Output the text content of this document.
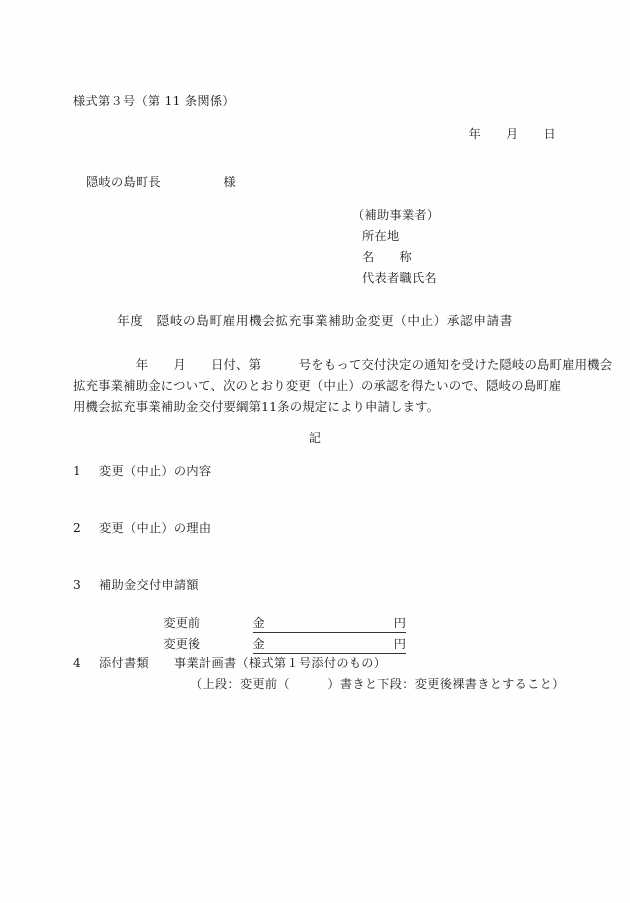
様式第３号（第 11 条関係）
年　　月　　日
隠岐の島町長　　　　　様
（補助事業者）
所在地
名　　称
代表者職氏名
年度　隠岐の島町雇用機会拡充事業補助金変更（中止）承認申請書
　　　　　年　　月　　日付、第　　　号をもって交付決定の通知を受けた隠岐の島町雇用機会
拡充事業補助金について、次のとおり変更（中止）の承認を得たいので、隠岐の島町雇
用機会拡充事業補助金交付要綱第11条の規定により申請します。
記
1 変更（中止）の内容
2 変更（中止）の理由
3 補助金交付申請額

変更前	金	円

変更後	金	円

4 添付書類 事業計画書（様式第１号添付のもの）
（上段：変更前（　　　）書きと下段：変更後裸書きとすること）
